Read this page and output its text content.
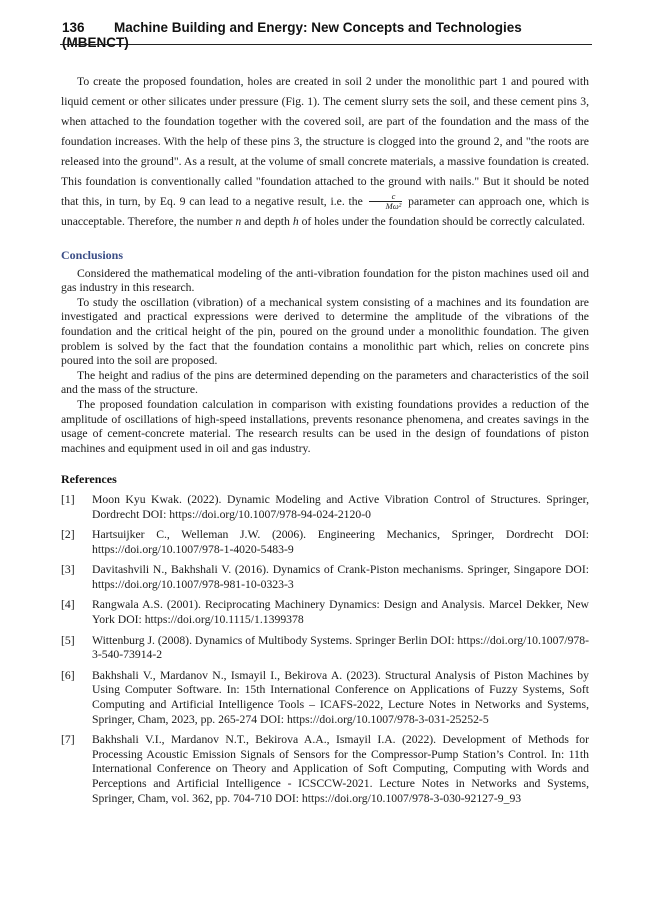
136 Machine Building and Energy: New Concepts and Technologies (MBENCT)

To create the proposed foundation, holes are created in soil 2 under the monolithic part 1 and poured with liquid cement or other silicates under pressure (Fig. 1). The cement slurry sets the soil, and these cement pins 3, when attached to the foundation together with the covered soil, are part of the foundation and the mass of the foundation increases. With the help of these pins 3, the structure is clogged into the ground 2, and "the roots are released into the ground". As a result, at the volume of small concrete materials, a massive foundation is created. This foundation is conventionally called "foundation attached to the ground with nails." But it should be noted that this, in turn, by Eq. 9 can lead to a negative result, i.e. the $\frac{c}{\text{Mω²}}$ parameter can approach one, which is unacceptable. Therefore, the number n and depth h of holes under the foundation should be correctly calculated.

Conclusions

Considered the mathematical modeling of the anti-vibration foundation for the piston machines used oil and gas industry in this research.

To study the oscillation (vibration) of a mechanical system consisting of a machines and its foundation are investigated and practical expressions were derived to determine the amplitude of the vibrations of the foundation and the critical height of the pin, poured on the ground under a monolithic foundation. The given problem is solved by the fact that the foundation contains a monolithic part which, relies on concrete pins poured into the soil are proposed.

The height and radius of the pins are determined depending on the parameters and characteristics of the soil and the mass of the structure.

The proposed foundation calculation in comparison with existing foundations provides a reduction of the amplitude of oscillations of high-speed installations, prevents resonance phenomena, and creates savings in the usage of cement-concrete material. The research results can be used in the design of foundations of piston machines and equipment used in oil and gas industry.

References
[1]	Moon Kyu Kwak. (2022). Dynamic Modeling and Active Vibration Control of Structures. Springer, Dordrecht DOI: https://doi.org/10.1007/978-94-024-2120-0
[2]	Hartsuijker C., Welleman J.W. (2006). Engineering Mechanics, Springer, Dordrecht DOI: https://doi.org/10.1007/978-1-4020-5483-9
[3]	Davitashvili N., Bakhshali V. (2016). Dynamics of Crank-Piston mechanisms. Springer, Singapore DOI: https://doi.org/10.1007/978-981-10-0323-3
[4]	Rangwala A.S. (2001). Reciprocating Machinery Dynamics: Design and Analysis. Marcel Dekker, New York DOI: https://doi.org/10.1115/1.1399378
[5]	Wittenburg J. (2008). Dynamics of Multibody Systems. Springer Berlin DOI: https://doi.org/10.1007/978-3-540-73914-2
[6]	Bakhshali V., Mardanov N., Ismayil I., Bekirova A. (2023). Structural Analysis of Piston Machines by Using Computer Software. In: 15th International Conference on Applications of Fuzzy Systems, Soft Computing and Artificial Intelligence Tools – ICAFS-2022, Lecture Notes in Networks and Systems, Springer, Cham, 2023, pp. 265-274 DOI: https://doi.org/10.1007/978-3-031-25252-5
[7]	Bakhshali V.I., Mardanov N.T., Bekirova A.A., Ismayil I.A. (2022). Development of Methods for Processing Acoustic Emission Signals of Sensors for the Compressor-Pump Station’s Control. In: 11th International Conference on Theory and Application of Soft Computing, Computing with Words and Perceptions and Artificial Intelligence - ICSCCW-2021. Lecture Notes in Networks and Systems, Springer, Cham, vol. 362, pp. 704-710 DOI: https://doi.org/10.1007/978-3-030-92127-9_93
